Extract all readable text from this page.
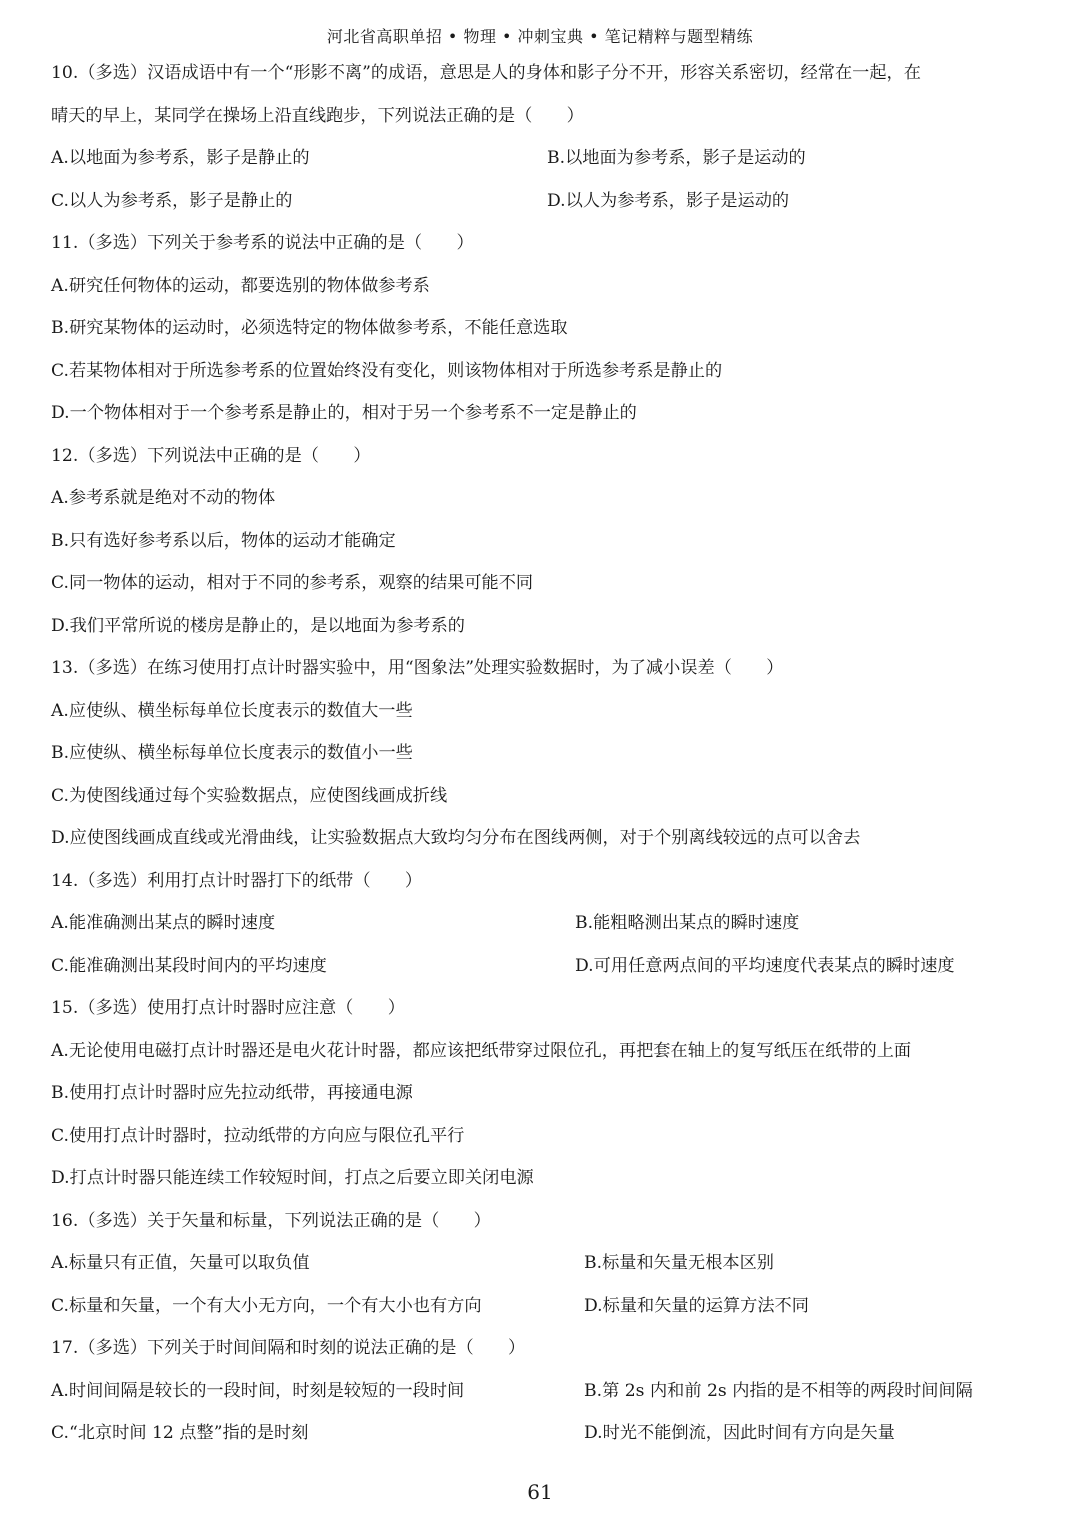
河北省高职单招 • 物理 • 冲刺宝典 • 笔记精粹与题型精练
10.（多选）汉语成语中有一个“形影不离”的成语，意思是人的身体和影子分不开，形容关系密切，经常在一起，在
晴天的早上，某同学在操场上沿直线跑步，下列说法正确的是（　　）
A.以地面为参考系，影子是静止的	B.以地面为参考系，影子是运动的
C.以人为参考系，影子是静止的	D.以人为参考系，影子是运动的
11.（多选）下列关于参考系的说法中正确的是（　　）
A.研究任何物体的运动，都要选别的物体做参考系
B.研究某物体的运动时，必须选特定的物体做参考系，不能任意选取
C.若某物体相对于所选参考系的位置始终没有变化，则该物体相对于所选参考系是静止的
D.一个物体相对于一个参考系是静止的，相对于另一个参考系不一定是静止的
12.（多选）下列说法中正确的是（　　）
A.参考系就是绝对不动的物体
B.只有选好参考系以后，物体的运动才能确定
C.同一物体的运动，相对于不同的参考系，观察的结果可能不同
D.我们平常所说的楼房是静止的，是以地面为参考系的
13.（多选）在练习使用打点计时器实验中，用“图象法”处理实验数据时，为了减小误差（　　）
A.应使纵、横坐标每单位长度表示的数值大一些
B.应使纵、横坐标每单位长度表示的数值小一些
C.为使图线通过每个实验数据点，应使图线画成折线
D.应使图线画成直线或光滑曲线，让实验数据点大致均匀分布在图线两侧，对于个别离线较远的点可以舍去
14.（多选）利用打点计时器打下的纸带（　　）
A.能准确测出某点的瞬时速度	B.能粗略测出某点的瞬时速度
C.能准确测出某段时间内的平均速度	D.可用任意两点间的平均速度代表某点的瞬时速度
15.（多选）使用打点计时器时应注意（　　）
A.无论使用电磁打点计时器还是电火花计时器，都应该把纸带穿过限位孔，再把套在轴上的复写纸压在纸带的上面
B.使用打点计时器时应先拉动纸带，再接通电源
C.使用打点计时器时，拉动纸带的方向应与限位孔平行
D.打点计时器只能连续工作较短时间，打点之后要立即关闭电源
16.（多选）关于矢量和标量，下列说法正确的是（　　）
A.标量只有正值，矢量可以取负值	B.标量和矢量无根本区别
C.标量和矢量，一个有大小无方向，一个有大小也有方向	D.标量和矢量的运算方法不同
17.（多选）下列关于时间间隔和时刻的说法正确的是（　　）
A.时间间隔是较长的一段时间，时刻是较短的一段时间	B.第 2s 内和前 2s 内指的是不相等的两段时间间隔
C.“北京时间 12 点整”指的是时刻	D.时光不能倒流，因此时间有方向是矢量
61
